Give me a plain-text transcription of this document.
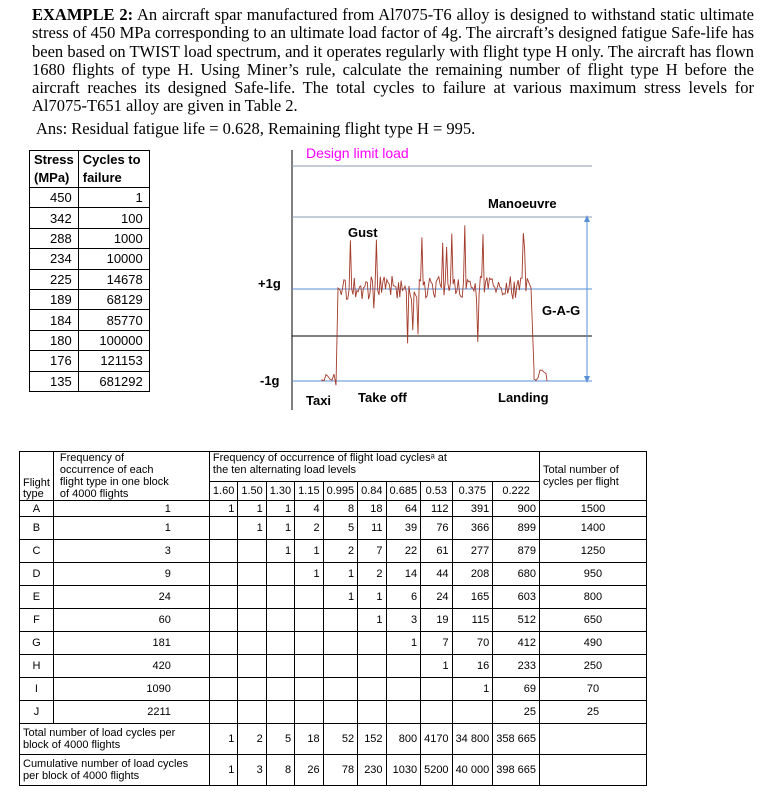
EXAMPLE 2: An aircraft spar manufactured from Al7075-T6 alloy is designed to withstand static ultimate stress of 450 MPa corresponding to an ultimate load factor of 4g. The aircraft’s designed fatigue Safe-life has been based on TWIST load spectrum, and it operates regularly with flight type H only. The aircraft has flown 1680 flights of type H. Using Miner’s rule, calculate the remaining number of flight type H before the aircraft reaches its designed Safe-life. The total cycles to failure at various maximum stress levels for Al7075-T651 alloy are given in Table 2.
Ans: Residual fatigue life = 0.628, Remaining flight type H = 995.
Stress
(MPa)	Cycles to
failure
450	1
342	100
288	1000
234	10000
225	14678
189	68129
184	85770
180	100000
176	121153
135	681292
Design limit load
Manoeuvre
Gust
+1g
-1g
G-A-G
Taxi Take off	Landing
Flight
type	Frequency of
occurrence of each
flight type in one block
of 4000 flights	Frequency of occurrence of flight load cyclesᵃ at
the ten alternating load levels										Total number of
cycles per flight
		1.60	1.50	1.30	1.15	0.995	0.84	0.685	0.53	0.375	0.222	
A	1	1	1	1	4	8	18	64	112	391	900	1500
B	1		1	1	2	5	11	39	76	366	899	1400
C	3			1	1	2	7	22	61	277	879	1250
D	9				1	1	2	14	44	208	680	950
E	24					1	1	6	24	165	603	800
F	60						1	3	19	115	512	650
G	181							1	7	70	412	490
H	420								1	16	233	250
I	1090									1	69	70
J	2211										25	25
Total number of load cycles per
block of 4000 flights		1	2	5	18	52	152	800	4170	34 800	358 665	
Cumulative number of load cycles
per block of 4000 flights		1	3	8	26	78	230	1030	5200	40 000	398 665	
